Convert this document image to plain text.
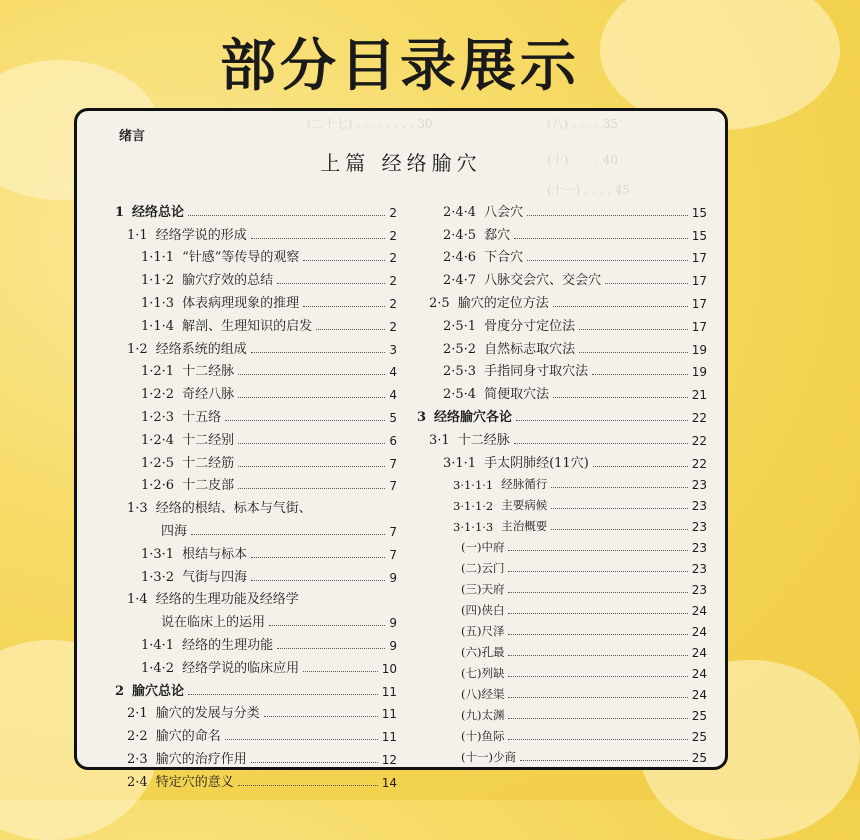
部分目录展示
(二十七) . . . . . . . . 30	(八) . . . . 35
(十) . . . . 40
(十一) . . . . 45
绪言
上篇 经络腧穴
1 经络总论	2
1·1 经络学说的形成	2
1·1·1 “针感”等传导的观察	2
1·1·2 腧穴疗效的总结	2
1·1·3 体表病理现象的推理	2
1·1·4 解剖、生理知识的启发	2
1·2 经络系统的组成	3
1·2·1 十二经脉	4
1·2·2 奇经八脉	4
1·2·3 十五络	5
1·2·4 十二经别	6
1·2·5 十二经筋	7
1·2·6 十二皮部	7
1·3 经络的根结、标本与气街、
四海	7
1·3·1 根结与标本	7
1·3·2 气街与四海	9
1·4 经络的生理功能及经络学
说在临床上的运用	9
1·4·1 经络的生理功能	9
1·4·2 经络学说的临床应用	10
2 腧穴总论	11
2·1 腧穴的发展与分类	11
2·2 腧穴的命名	11
2·3 腧穴的治疗作用	12
2·4 特定穴的意义	14
2·4·4 八会穴	15
2·4·5 郄穴	15
2·4·6 下合穴	17
2·4·7 八脉交会穴、交会穴	17
2·5 腧穴的定位方法	17
2·5·1 骨度分寸定位法	17
2·5·2 自然标志取穴法	19
2·5·3 手指同身寸取穴法	19
2·5·4 简便取穴法	21
3 经络腧穴各论	22
3·1 十二经脉	22
3·1·1 手太阴肺经(11穴)	22
3·1·1·1 经脉循行	23
3·1·1·2 主要病候	23
3·1·1·3 主治概要	23
(一) 中府	23
(二) 云门	23
(三) 天府	23
(四) 侠白	24
(五) 尺泽	24
(六) 孔最	24
(七) 列缺	24
(八) 经渠	24
(九) 太渊	25
(十) 鱼际	25
(十一) 少商	25
